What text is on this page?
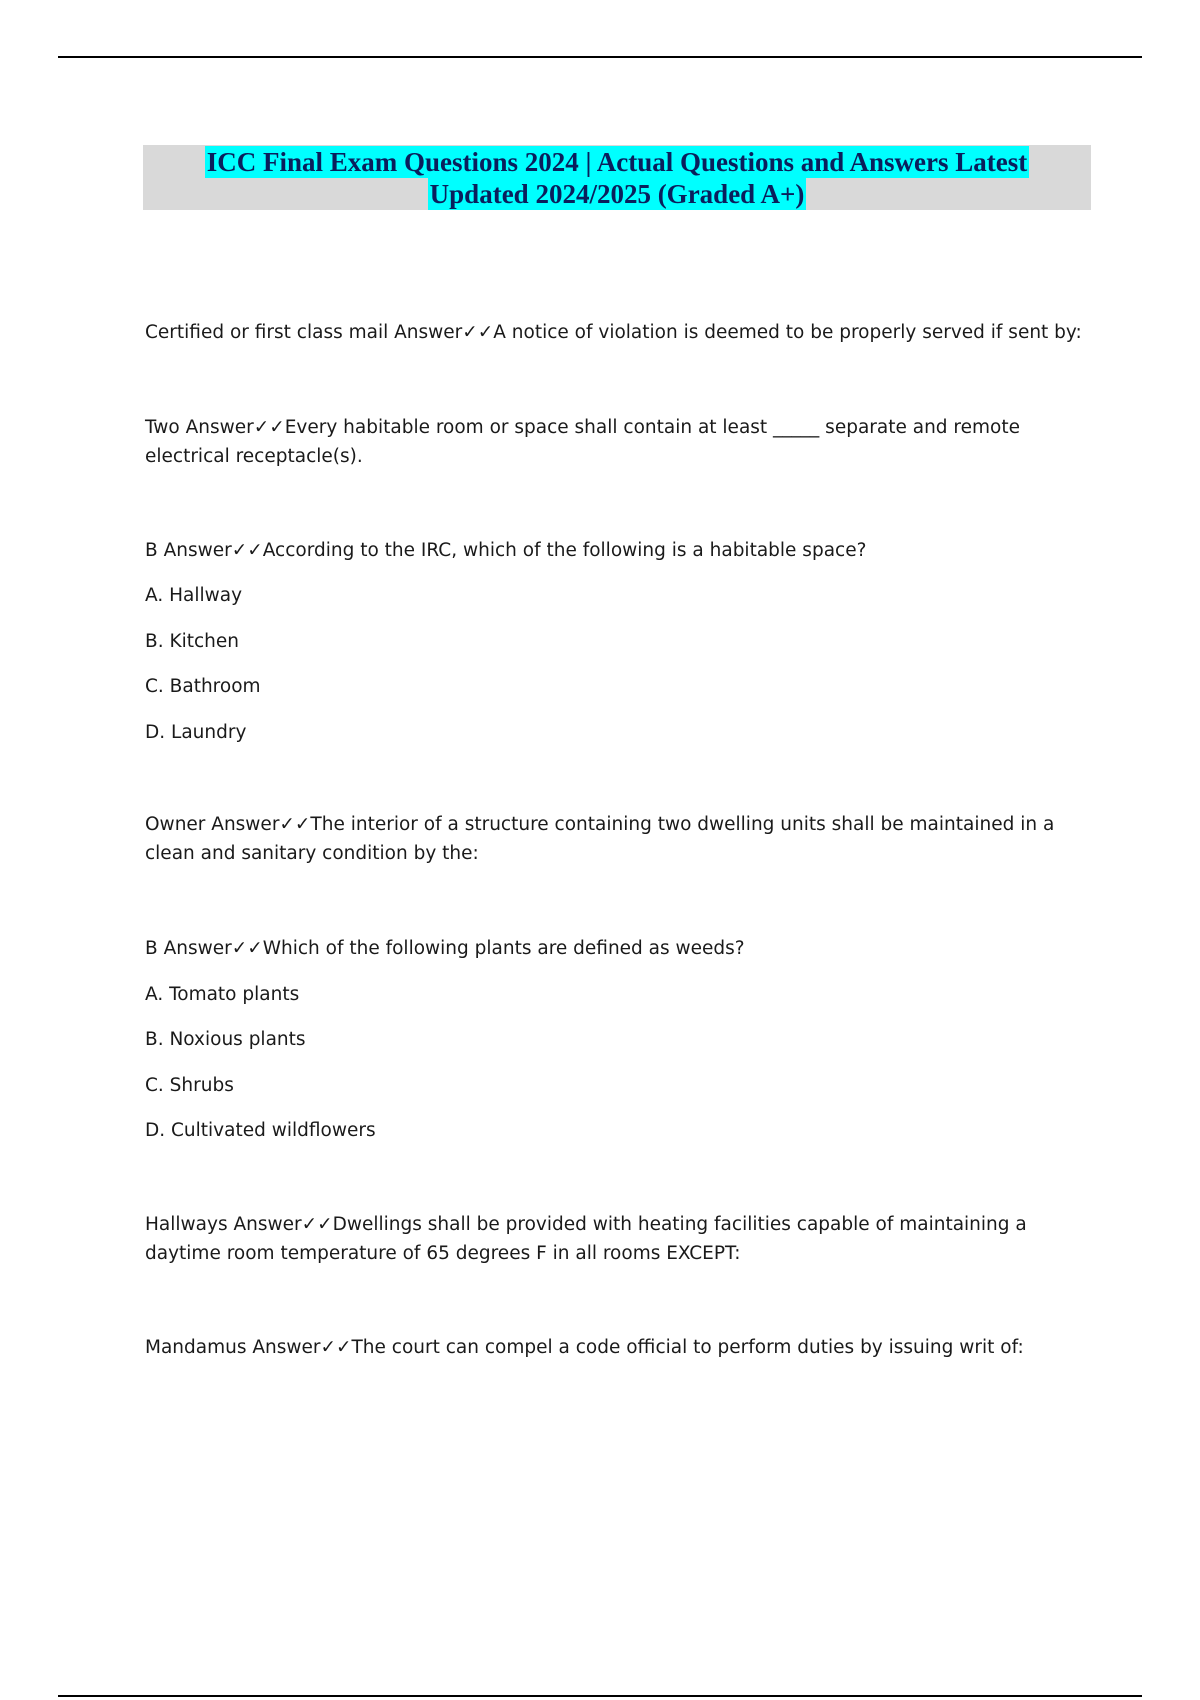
ICC Final Exam Questions 2024 | Actual Questions and Answers Latest
Updated 2024/2025 (Graded A+)

Certified or first class mail Answer✓✓A notice of violation is deemed to be properly served if sent by:

Two Answer✓✓Every habitable room or space shall contain at least _____ separate and remote electrical receptacle(s).

B Answer✓✓According to the IRC, which of the following is a habitable space?

A. Hallway
B. Kitchen
C. Bathroom
D. Laundry

Owner Answer✓✓The interior of a structure containing two dwelling units shall be maintained in a clean and sanitary condition by the:

B Answer✓✓Which of the following plants are defined as weeds?

A. Tomato plants
B. Noxious plants
C. Shrubs
D. Cultivated wildflowers

Hallways Answer✓✓Dwellings shall be provided with heating facilities capable of maintaining a daytime room temperature of 65 degrees F in all rooms EXCEPT:

Mandamus Answer✓✓The court can compel a code official to perform duties by issuing writ of:
